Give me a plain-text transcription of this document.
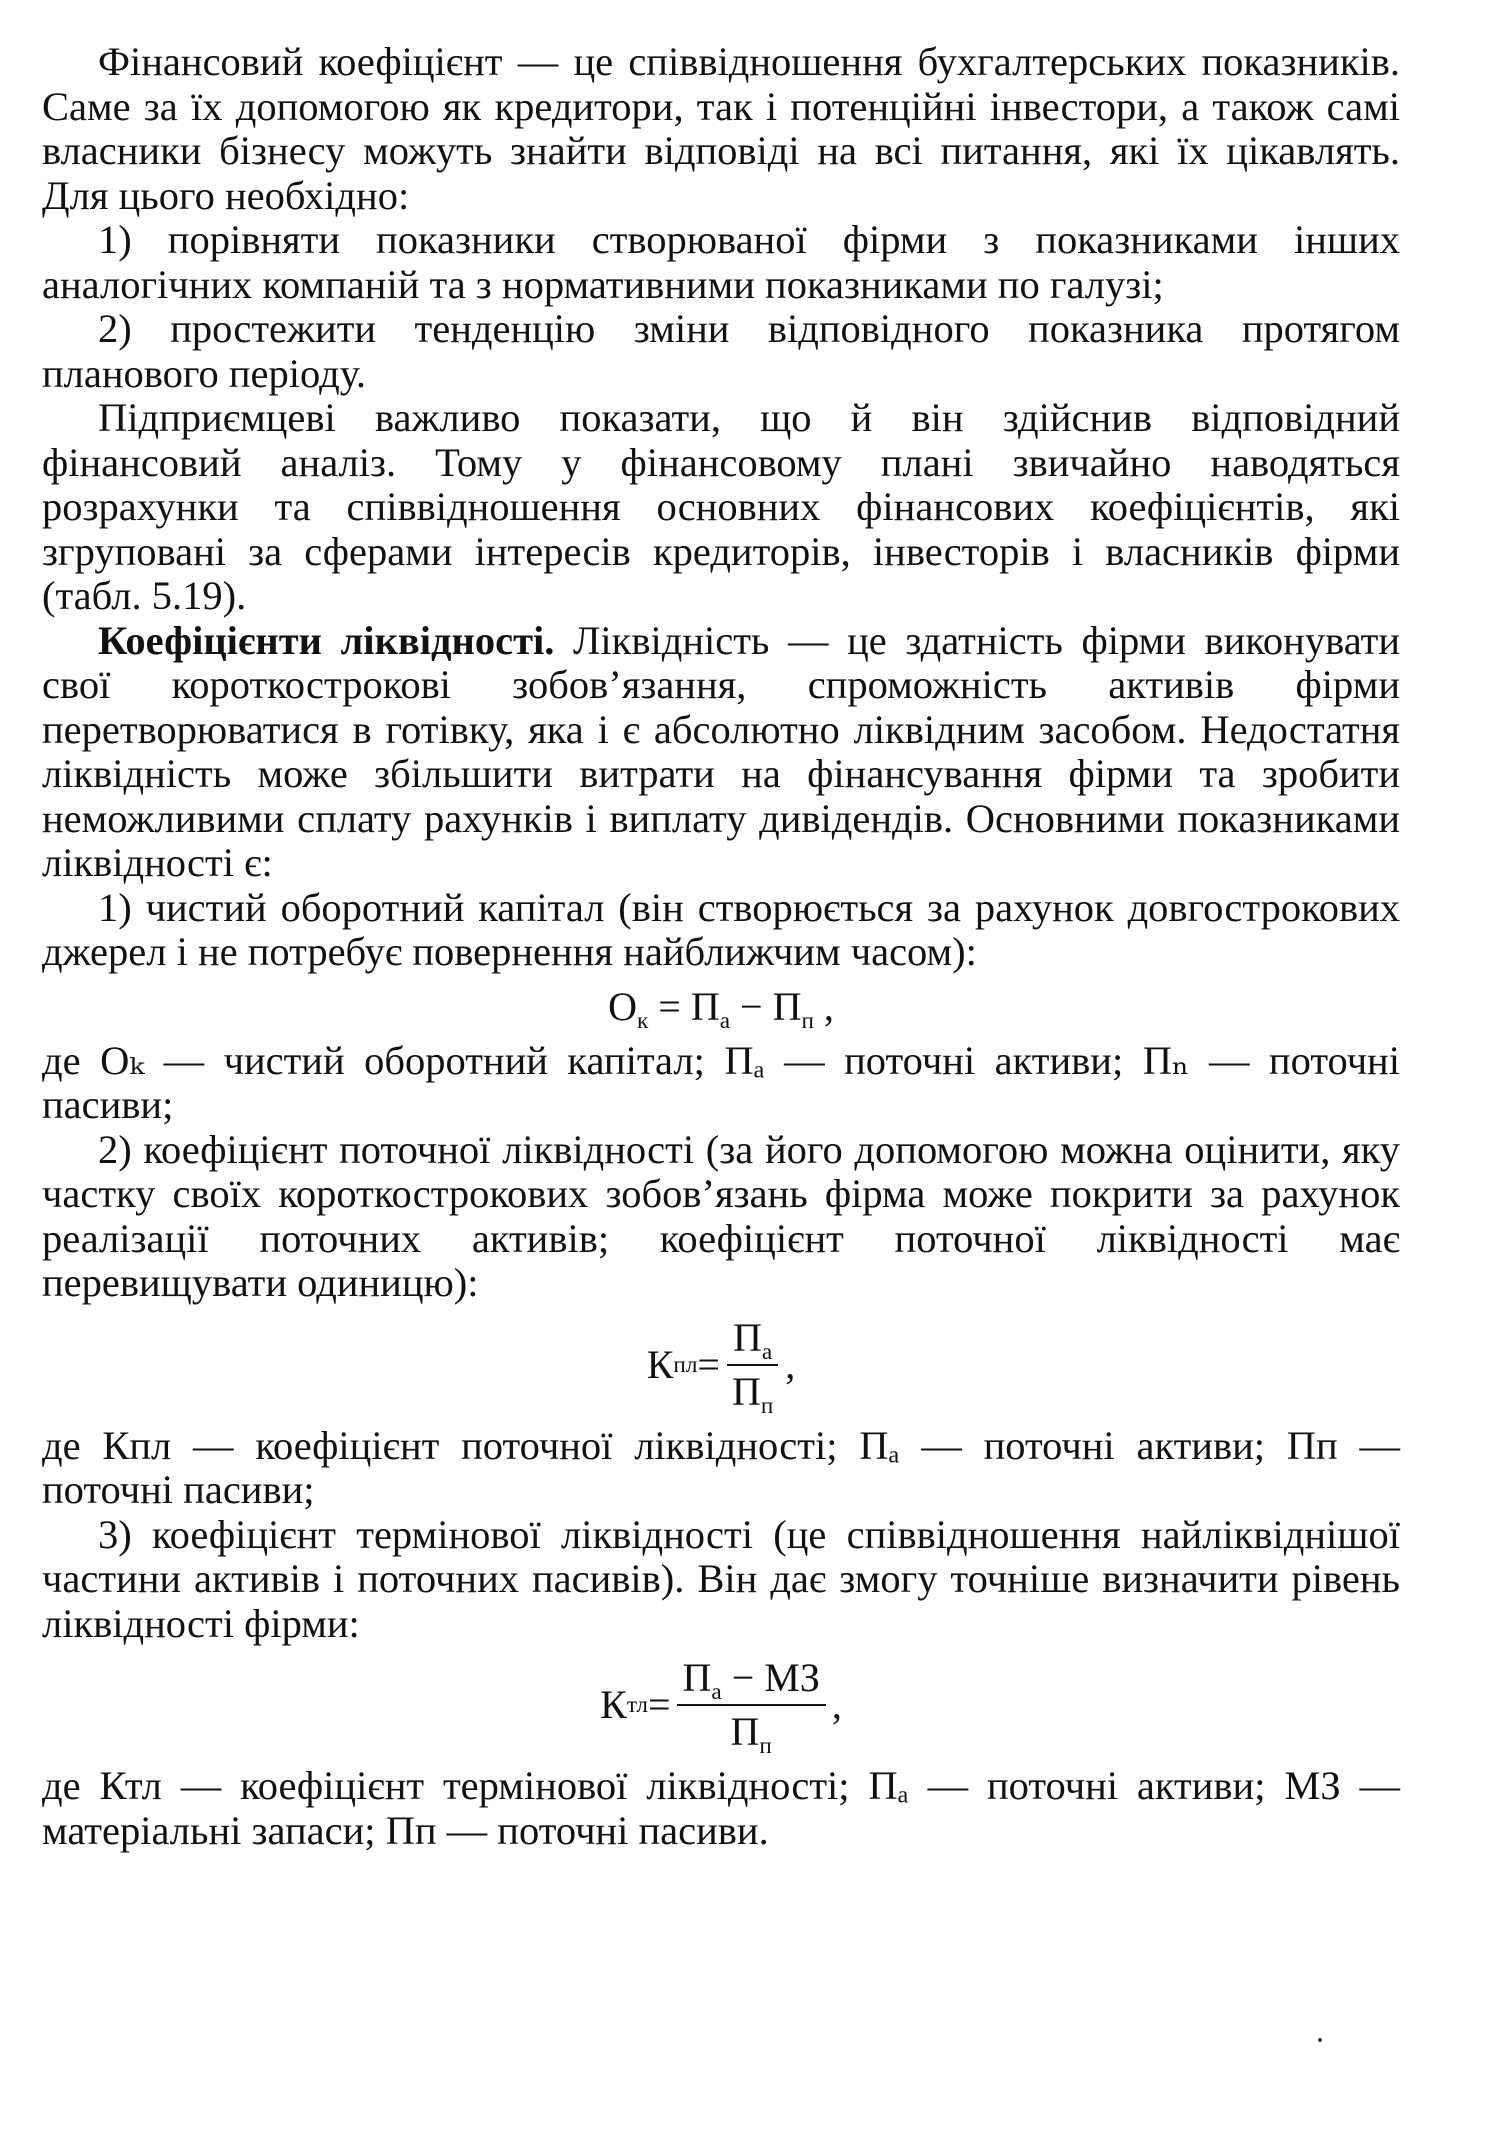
Фінансовий коефіцієнт — це співвідношення бухгалтерських показників. Саме за їх допомогою як кредитори, так і потенційні інвестори, а також самі власники бізнесу можуть знайти відповіді на всі питання, які їх цікавлять. Для цього необхідно:

1) порівняти показники створюваної фірми з показниками інших аналогічних компаній та з нормативними показниками по галузі;

2) простежити тенденцію зміни відповідного показника протягом планового періоду.

Підприємцеві важливо показати, що й він здійснив відповідний фінансовий аналіз. Тому у фінансовому плані звичайно наводяться розрахунки та співвідношення основних фінансових коефіцієнтів, які згруповані за сферами інтересів кредиторів, інвесторів і власників фірми (табл. 5.19).

Коефіцієнти ліквідності. Ліквідність — це здатність фірми виконувати свої короткострокові зобов’язання, спроможність активів фірми перетворюватися в готівку, яка і є абсолютно ліквідним засобом. Недостатня ліквідність може збільшити витрати на фінансування фірми та зробити неможливими сплату рахунків і виплату дивідендів. Основними показниками ліквідності є:

1) чистий оборотний капітал (він створюється за рахунок довгострокових джерел і не потребує повернення найближчим часом):

$О_к = П_а - П_п$ ,

де Оₖ — чистий оборотний капітал; Пₐ — поточні активи; Пₙ — поточні пасиви;

2) коефіцієнт поточної ліквідності (за його допомогою можна оцінити, яку частку своїх короткострокових зобов’язань фірма може покрити за рахунок реалізації поточних активів; коефіцієнт поточної ліквідності має перевищувати одиницю):

К пл = $\frac{П_а}{П_п}$ ,

де Кпл — коефіцієнт поточної ліквідності; Пₐ — поточні активи; Пп — поточні пасиви;

3) коефіцієнт термінової ліквідності (це співвідношення найліквіднішої частини активів і поточних пасивів). Він дає змогу точніше визначити рівень ліквідності фірми:

К тл = $\frac{П_а - МЗ}{П_п}$ ,

де Ктл — коефіцієнт термінової ліквідності; Пₐ — поточні активи; МЗ — матеріальні запаси; Пп — поточні пасиви.
